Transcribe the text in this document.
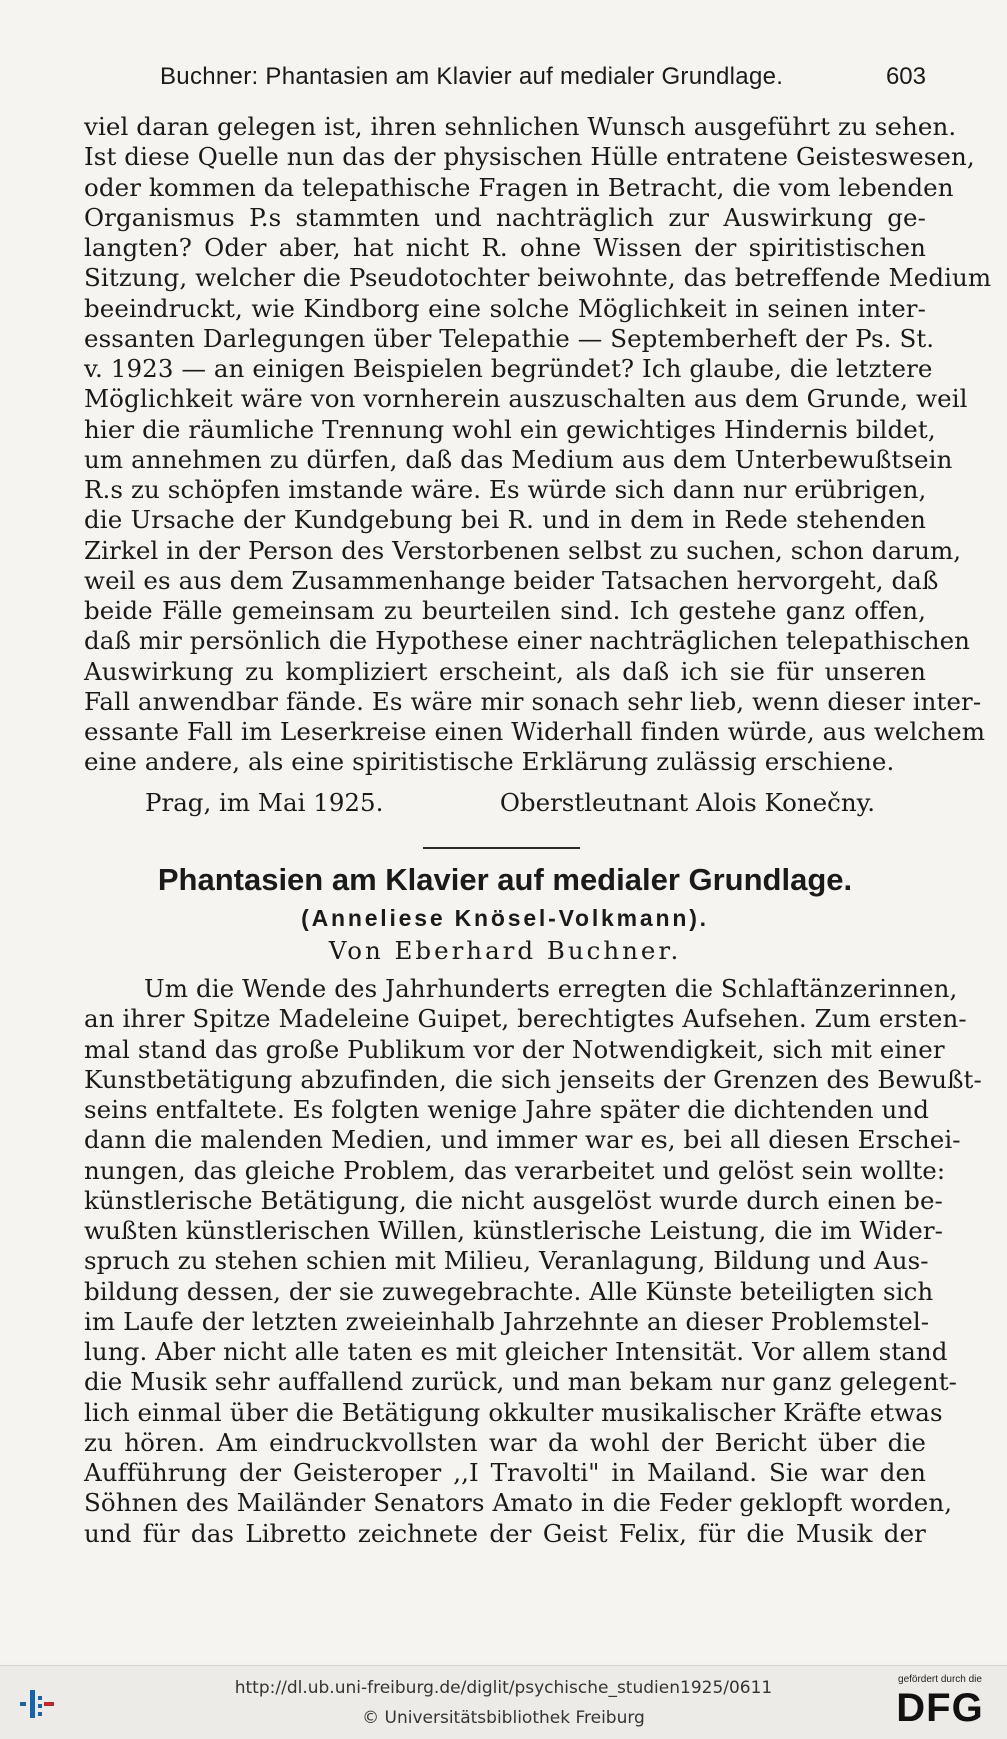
Buchner: Phantasien am Klavier auf medialer Grundlage.	603
viel daran gelegen ist, ihren sehnlichen Wunsch ausgeführt zu sehen.
Ist diese Quelle nun das der physischen Hülle entratene Geisteswesen,
oder kommen da telepathische Fragen in Betracht, die vom lebenden
Organismus P.s stammten und nachträglich zur Auswirkung ge-
langten? Oder aber, hat nicht R. ohne Wissen der spiritistischen
Sitzung, welcher die Pseudotochter beiwohnte, das betreffende Medium
beeindruckt, wie Kindborg eine solche Möglichkeit in seinen inter-
essanten Darlegungen über Telepathie — Septemberheft der Ps. St.
v. 1923 — an einigen Beispielen begründet? Ich glaube, die letztere
Möglichkeit wäre von vornherein auszuschalten aus dem Grunde, weil
hier die räumliche Trennung wohl ein gewichtiges Hindernis bildet,
um annehmen zu dürfen, daß das Medium aus dem Unterbewußtsein
R.s zu schöpfen imstande wäre. Es würde sich dann nur erübrigen,
die Ursache der Kundgebung bei R. und in dem in Rede stehenden
Zirkel in der Person des Verstorbenen selbst zu suchen, schon darum,
weil es aus dem Zusammenhange beider Tatsachen hervorgeht, daß
beide Fälle gemeinsam zu beurteilen sind. Ich gestehe ganz offen,
daß mir persönlich die Hypothese einer nachträglichen telepathischen
Auswirkung zu kompliziert erscheint, als daß ich sie für unseren
Fall anwendbar fände. Es wäre mir sonach sehr lieb, wenn dieser inter-
essante Fall im Leserkreise einen Widerhall finden würde, aus welchem
eine andere, als eine spiritistische Erklärung zulässig erschiene.
Prag, im Mai 1925.	Oberstleutnant Alois Konečny.
Phantasien am Klavier auf medialer Grundlage.
(Anneliese Knösel-Volkmann).
Von Eberhard Buchner.
Um die Wende des Jahrhunderts erregten die Schlaftänzerinnen,
an ihrer Spitze Madeleine Guipet, berechtigtes Aufsehen. Zum ersten-
mal stand das große Publikum vor der Notwendigkeit, sich mit einer
Kunstbetätigung abzufinden, die sich jenseits der Grenzen des Bewußt-
seins entfaltete. Es folgten wenige Jahre später die dichtenden und
dann die malenden Medien, und immer war es, bei all diesen Erschei-
nungen, das gleiche Problem, das verarbeitet und gelöst sein wollte:
künstlerische Betätigung, die nicht ausgelöst wurde durch einen be-
wußten künstlerischen Willen, künstlerische Leistung, die im Wider-
spruch zu stehen schien mit Milieu, Veranlagung, Bildung und Aus-
bildung dessen, der sie zuwegebrachte. Alle Künste beteiligten sich
im Laufe der letzten zweieinhalb Jahrzehnte an dieser Problemstel-
lung. Aber nicht alle taten es mit gleicher Intensität. Vor allem stand
die Musik sehr auffallend zurück, und man bekam nur ganz gelegent-
lich einmal über die Betätigung okkulter musikalischer Kräfte etwas
zu hören. Am eindruckvollsten war da wohl der Bericht über die
Aufführung der Geisteroper ,,I Travolti" in Mailand. Sie war den
Söhnen des Mailänder Senators Amato in die Feder geklopft worden,
und für das Libretto zeichnete der Geist Felix, für die Musik der
http://dl.ub.uni-freiburg.de/diglit/psychische_studien1925/0611
© Universitätsbibliothek Freiburg
gefördert durch die
DFG
